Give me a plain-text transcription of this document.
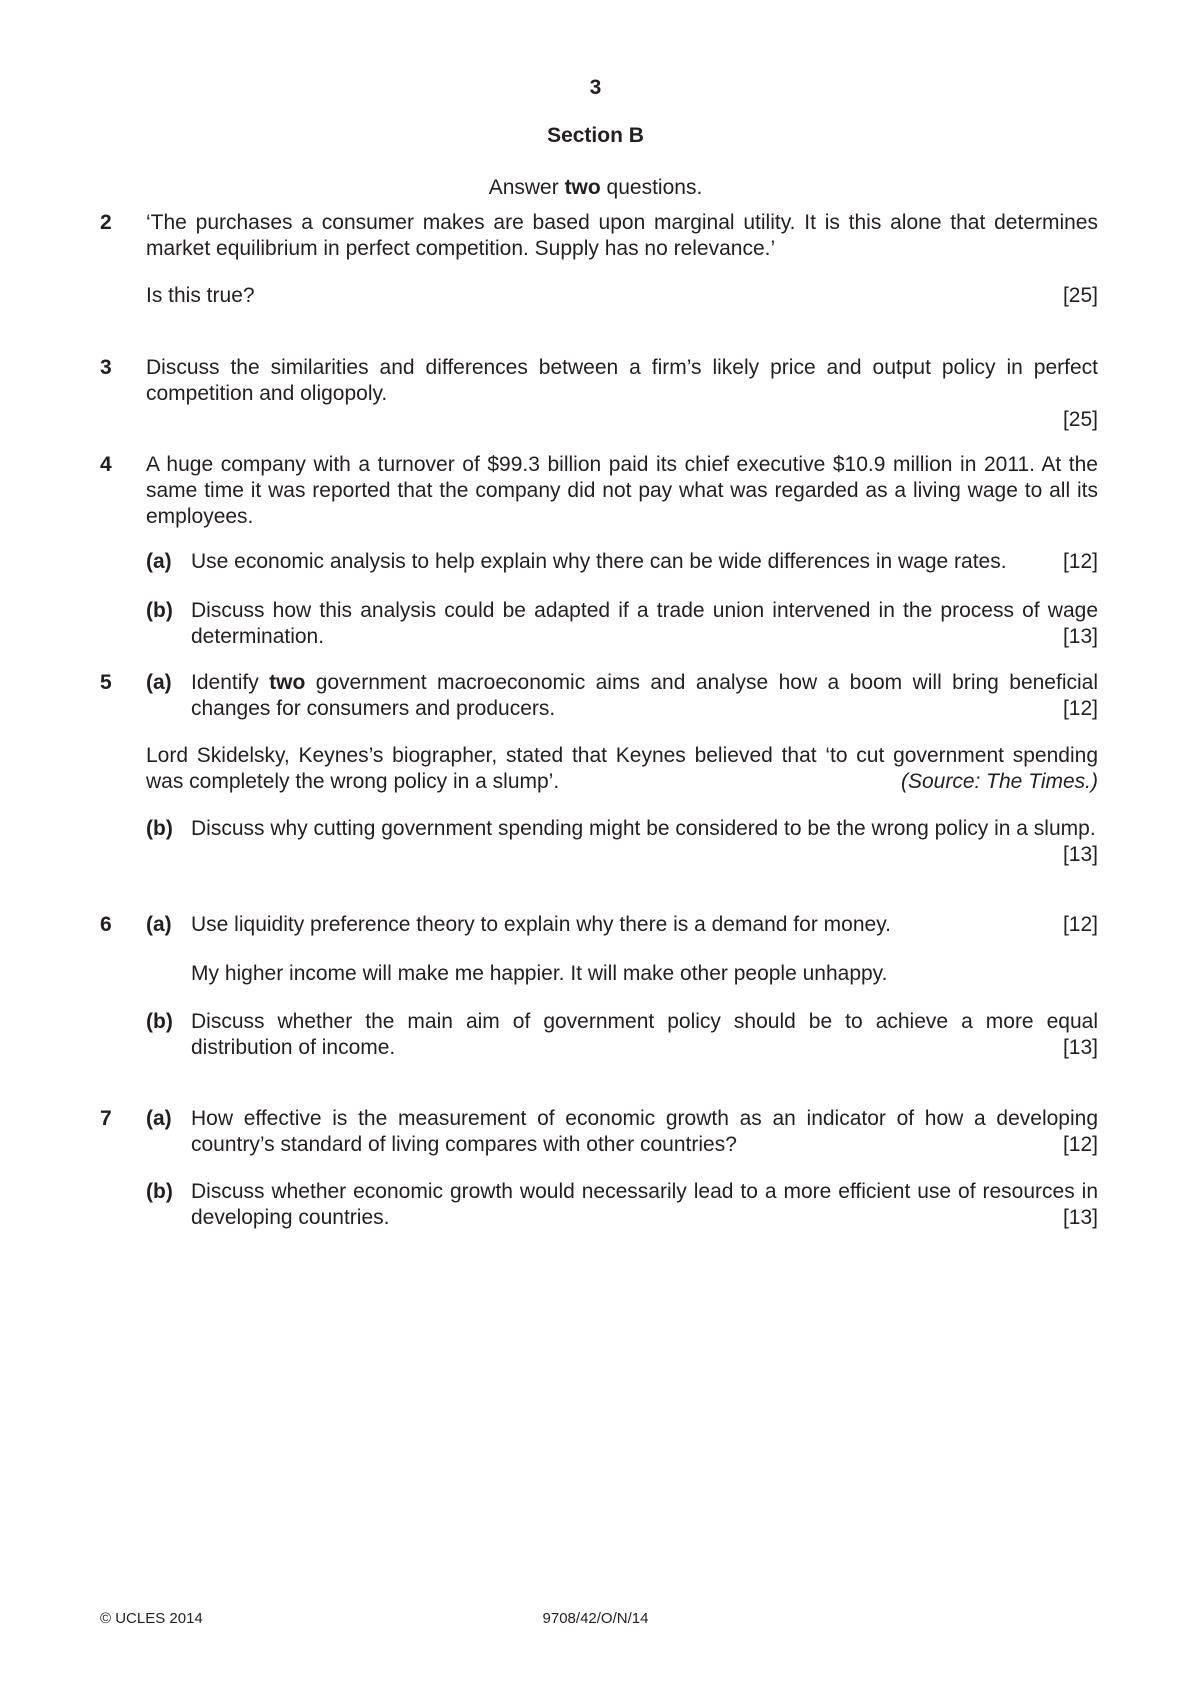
3
Section B
Answer two questions.
2 ‘The purchases a consumer makes are based upon marginal utility. It is this alone that determines market equilibrium in perfect competition. Supply has no relevance.’
Is this true?	[25]
3 Discuss the similarities and differences between a firm’s likely price and output policy in perfect competition and oligopoly.
[25]
4 A huge company with a turnover of $99.3 billion paid its chief executive $10.9 million in 2011. At the same time it was reported that the company did not pay what was regarded as a living wage to all its employees.
(a) Use economic analysis to help explain why there can be wide differences in wage rates.	[12]
(b) Discuss how this analysis could be adapted if a trade union intervened in the process of wage determination.	[13]
5 (a) Identify two government macroeconomic aims and analyse how a boom will bring beneficial changes for consumers and producers.	[12]
Lord Skidelsky, Keynes’s biographer, stated that Keynes believed that ‘to cut government spending was completely the wrong policy in a slump’.	(Source: The Times.)
(b) Discuss why cutting government spending might be considered to be the wrong policy in a slump.
[13]
6 (a) Use liquidity preference theory to explain why there is a demand for money.	[12]
My higher income will make me happier. It will make other people unhappy.
(b) Discuss whether the main aim of government policy should be to achieve a more equal distribution of income.	[13]
7 (a) How effective is the measurement of economic growth as an indicator of how a developing country’s standard of living compares with other countries?	[12]
(b) Discuss whether economic growth would necessarily lead to a more efficient use of resources in developing countries.	[13]
© UCLES 2014	9708/42/O/N/14
